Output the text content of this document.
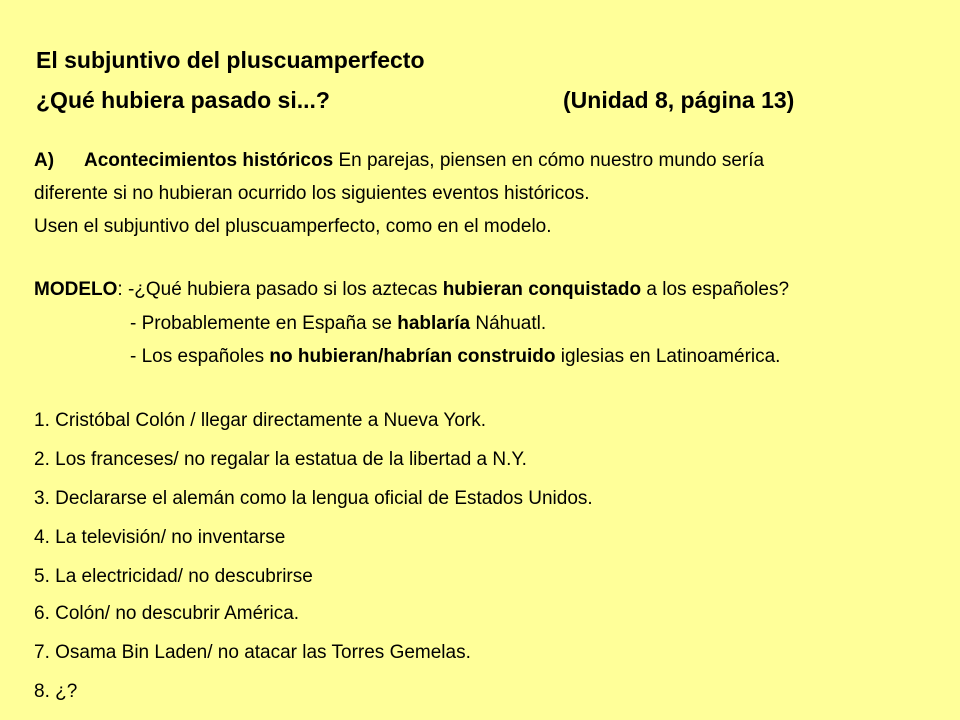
El subjuntivo del pluscuamperfecto
¿Qué hubiera pasado si...?	(Unidad 8, página 13)
A) Acontecimientos históricos En parejas, piensen en cómo nuestro mundo sería
diferente si no hubieran ocurrido los siguientes eventos históricos.
Usen el subjuntivo del pluscuamperfecto, como en el modelo.
MODELO: -¿Qué hubiera pasado si los aztecas hubieran conquistado a los españoles?
- Probablemente en España se hablaría Náhuatl.
- Los españoles no hubieran/habrían construido iglesias en Latinoamérica.
1. Cristóbal Colón / llegar directamente a Nueva York.
2. Los franceses/ no regalar la estatua de la libertad a N.Y.
3. Declararse el alemán como la lengua oficial de Estados Unidos.
4. La televisión/ no inventarse
5. La electricidad/ no descubrirse
6. Colón/ no descubrir América.
7. Osama Bin Laden/ no atacar las Torres Gemelas.
8. ¿?
